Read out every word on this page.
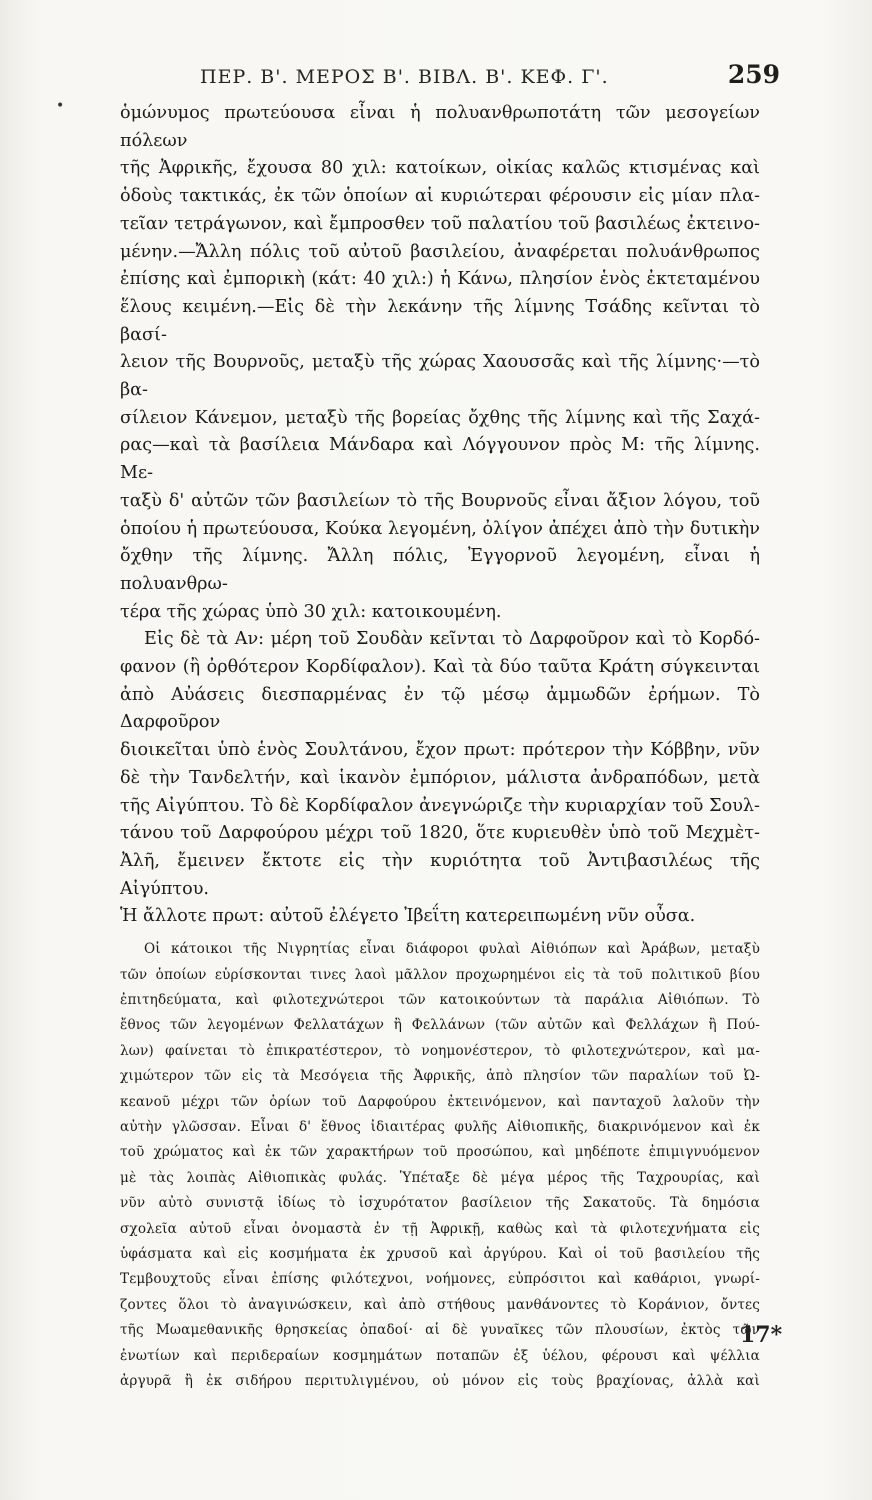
•
ΠΕΡ. Β'. ΜΕΡΟΣ Β'. ΒΙΒΛ. Β'. ΚΕΦ. Γ'.	259

ὁμώνυμος πρωτεύουσα εἶναι ἡ πολυανθρωποτάτη τῶν μεσογείων πόλεων

τῆς Ἀφρικῆς, ἔχουσα 80 χιλ: κατοίκων, οἰκίας καλῶς κτισμένας καὶ

ὁδοὺς τακτικάς, ἐκ τῶν ὁποίων αἱ κυριώτεραι φέρουσιν εἰς μίαν πλα-

τεῖαν τετράγωνον, καὶ ἔμπροσθεν τοῦ παλατίου τοῦ βασιλέως ἐκτεινο-

μένην.—Ἄλλη πόλις τοῦ αὐτοῦ βασιλείου, ἀναφέρεται πολυάνθρωπος

ἐπίσης καὶ ἐμπορικὴ (κάτ: 40 χιλ:) ἡ Κάνω, πλησίον ἑνὸς ἐκτεταμένου

ἕλους κειμένη.—Εἰς δὲ τὴν λεκάνην τῆς λίμνης Τσάδης κεῖνται τὸ βασί-

λειον τῆς Βουρνοῦς, μεταξὺ τῆς χώρας Χαουσσᾶς καὶ τῆς λίμνης·—τὸ βα-

σίλειον Κάνεμον, μεταξὺ τῆς βορείας ὄχθης τῆς λίμνης καὶ τῆς Σαχά-

ρας—καὶ τὰ βασίλεια Μάνδαρα καὶ Λόγγουνον πρὸς Μ: τῆς λίμνης. Με-

ταξὺ δ' αὐτῶν τῶν βασιλείων τὸ τῆς Βουρνοῦς εἶναι ἄξιον λόγου, τοῦ

ὁποίου ἡ πρωτεύουσα, Κούκα λεγομένη, ὀλίγον ἀπέχει ἀπὸ τὴν δυτικὴν

ὄχθην τῆς λίμνης. Ἄλλη πόλις, Ἐγγορνοῦ λεγομένη, εἶναι ἡ πολυανθρω-

τέρα τῆς χώρας ὑπὸ 30 χιλ: κατοικουμένη.

Εἰς δὲ τὰ Αν: μέρη τοῦ Σουδὰν κεῖνται τὸ Δαρφοῦρον καὶ τὸ Κορδό-

φανον (ἢ ὀρθότερον Κορδίφαλον). Καὶ τὰ δύο ταῦτα Κράτη σύγκεινται

ἀπὸ Αὐάσεις διεσπαρμένας ἐν τῷ μέσῳ ἀμμωδῶν ἐρήμων. Τὸ Δαρφοῦρον

διοικεῖται ὑπὸ ἑνὸς Σουλτάνου, ἔχον πρωτ: πρότερον τὴν Κόββην, νῦν

δὲ τὴν Τανδελτήν, καὶ ἱκανὸν ἐμπόριον, μάλιστα ἀνδραπόδων, μετὰ

τῆς Αἰγύπτου. Τὸ δὲ Κορδίφαλον ἀνεγνώριζε τὴν κυριαρχίαν τοῦ Σουλ-

τάνου τοῦ Δαρφούρου μέχρι τοῦ 1820, ὅτε κυριευθὲν ὑπὸ τοῦ Μεχμὲτ-

Ἀλῆ, ἔμεινεν ἔκτοτε εἰς τὴν κυριότητα τοῦ Ἀντιβασιλέως τῆς Αἰγύπτου.

Ἡ ἄλλοτε πρωτ: αὐτοῦ ἐλέγετο Ἰβεΐτη κατερειπωμένη νῦν οὖσα.

Οἱ κάτοικοι τῆς Νιγρητίας εἶναι διάφοροι φυλαὶ Αἰθιόπων καὶ Ἀράβων, μεταξὺ

τῶν ὁποίων εὑρίσκονται τινες λαοὶ μᾶλλον προχωρημένοι εἰς τὰ τοῦ πολιτικοῦ βίου

ἐπιτηδεύματα, καὶ φιλοτεχνώτεροι τῶν κατοικούντων τὰ παράλια Αἰθιόπων. Τὸ

ἔθνος τῶν λεγομένων Φελλατάχων ἢ Φελλάνων (τῶν αὐτῶν καὶ Φελλάχων ἢ Πού-

λων) φαίνεται τὸ ἐπικρατέστερον, τὸ νοημονέστερον, τὸ φιλοτεχνώτερον, καὶ μα-

χιμώτερον τῶν εἰς τὰ Μεσόγεια τῆς Ἀφρικῆς, ἀπὸ πλησίον τῶν παραλίων τοῦ Ὠ-

κεανοῦ μέχρι τῶν ὁρίων τοῦ Δαρφούρου ἐκτεινόμενον, καὶ πανταχοῦ λαλοῦν τὴν

αὐτὴν γλῶσσαν. Εἶναι δ' ἔθνος ἰδιαιτέρας φυλῆς Αἰθιοπικῆς, διακρινόμενον καὶ ἐκ

τοῦ χρώματος καὶ ἐκ τῶν χαρακτήρων τοῦ προσώπου, καὶ μηδέποτε ἐπιμιγνυόμενον

μὲ τὰς λοιπὰς Αἰθιοπικὰς φυλάς. Ὑπέταξε δὲ μέγα μέρος τῆς Ταχρουρίας, καὶ

νῦν αὐτὸ συνιστᾷ ἰδίως τὸ ἰσχυρότατον βασίλειον τῆς Σακατοῦς. Τὰ δημόσια

σχολεῖα αὐτοῦ εἶναι ὀνομαστὰ ἐν τῇ Ἀφρικῇ, καθὼς καὶ τὰ φιλοτεχνήματα εἰς

ὑφάσματα καὶ εἰς κοσμήματα ἐκ χρυσοῦ καὶ ἀργύρου. Καὶ οἱ τοῦ βασιλείου τῆς

Τεμβουχτοῦς εἶναι ἐπίσης φιλότεχνοι, νοήμονες, εὐπρόσιτοι καὶ καθάριοι, γνωρί-

ζοντες ὅλοι τὸ ἀναγινώσκειν, καὶ ἀπὸ στήθους μανθάνοντες τὸ Κοράνιον, ὄντες

τῆς Μωαμεθανικῆς θρησκείας ὀπαδοί· αἱ δὲ γυναῖκες τῶν πλουσίων, ἐκτὸς τῶν

ἐνωτίων καὶ περιδεραίων κοσμημάτων ποταπῶν ἐξ ὑέλου, φέρουσι καὶ ψέλλια

ἀργυρᾶ ἢ ἐκ σιδήρου περιτυλιγμένου, οὐ μόνον εἰς τοὺς βραχίονας, ἀλλὰ καὶ

17*
